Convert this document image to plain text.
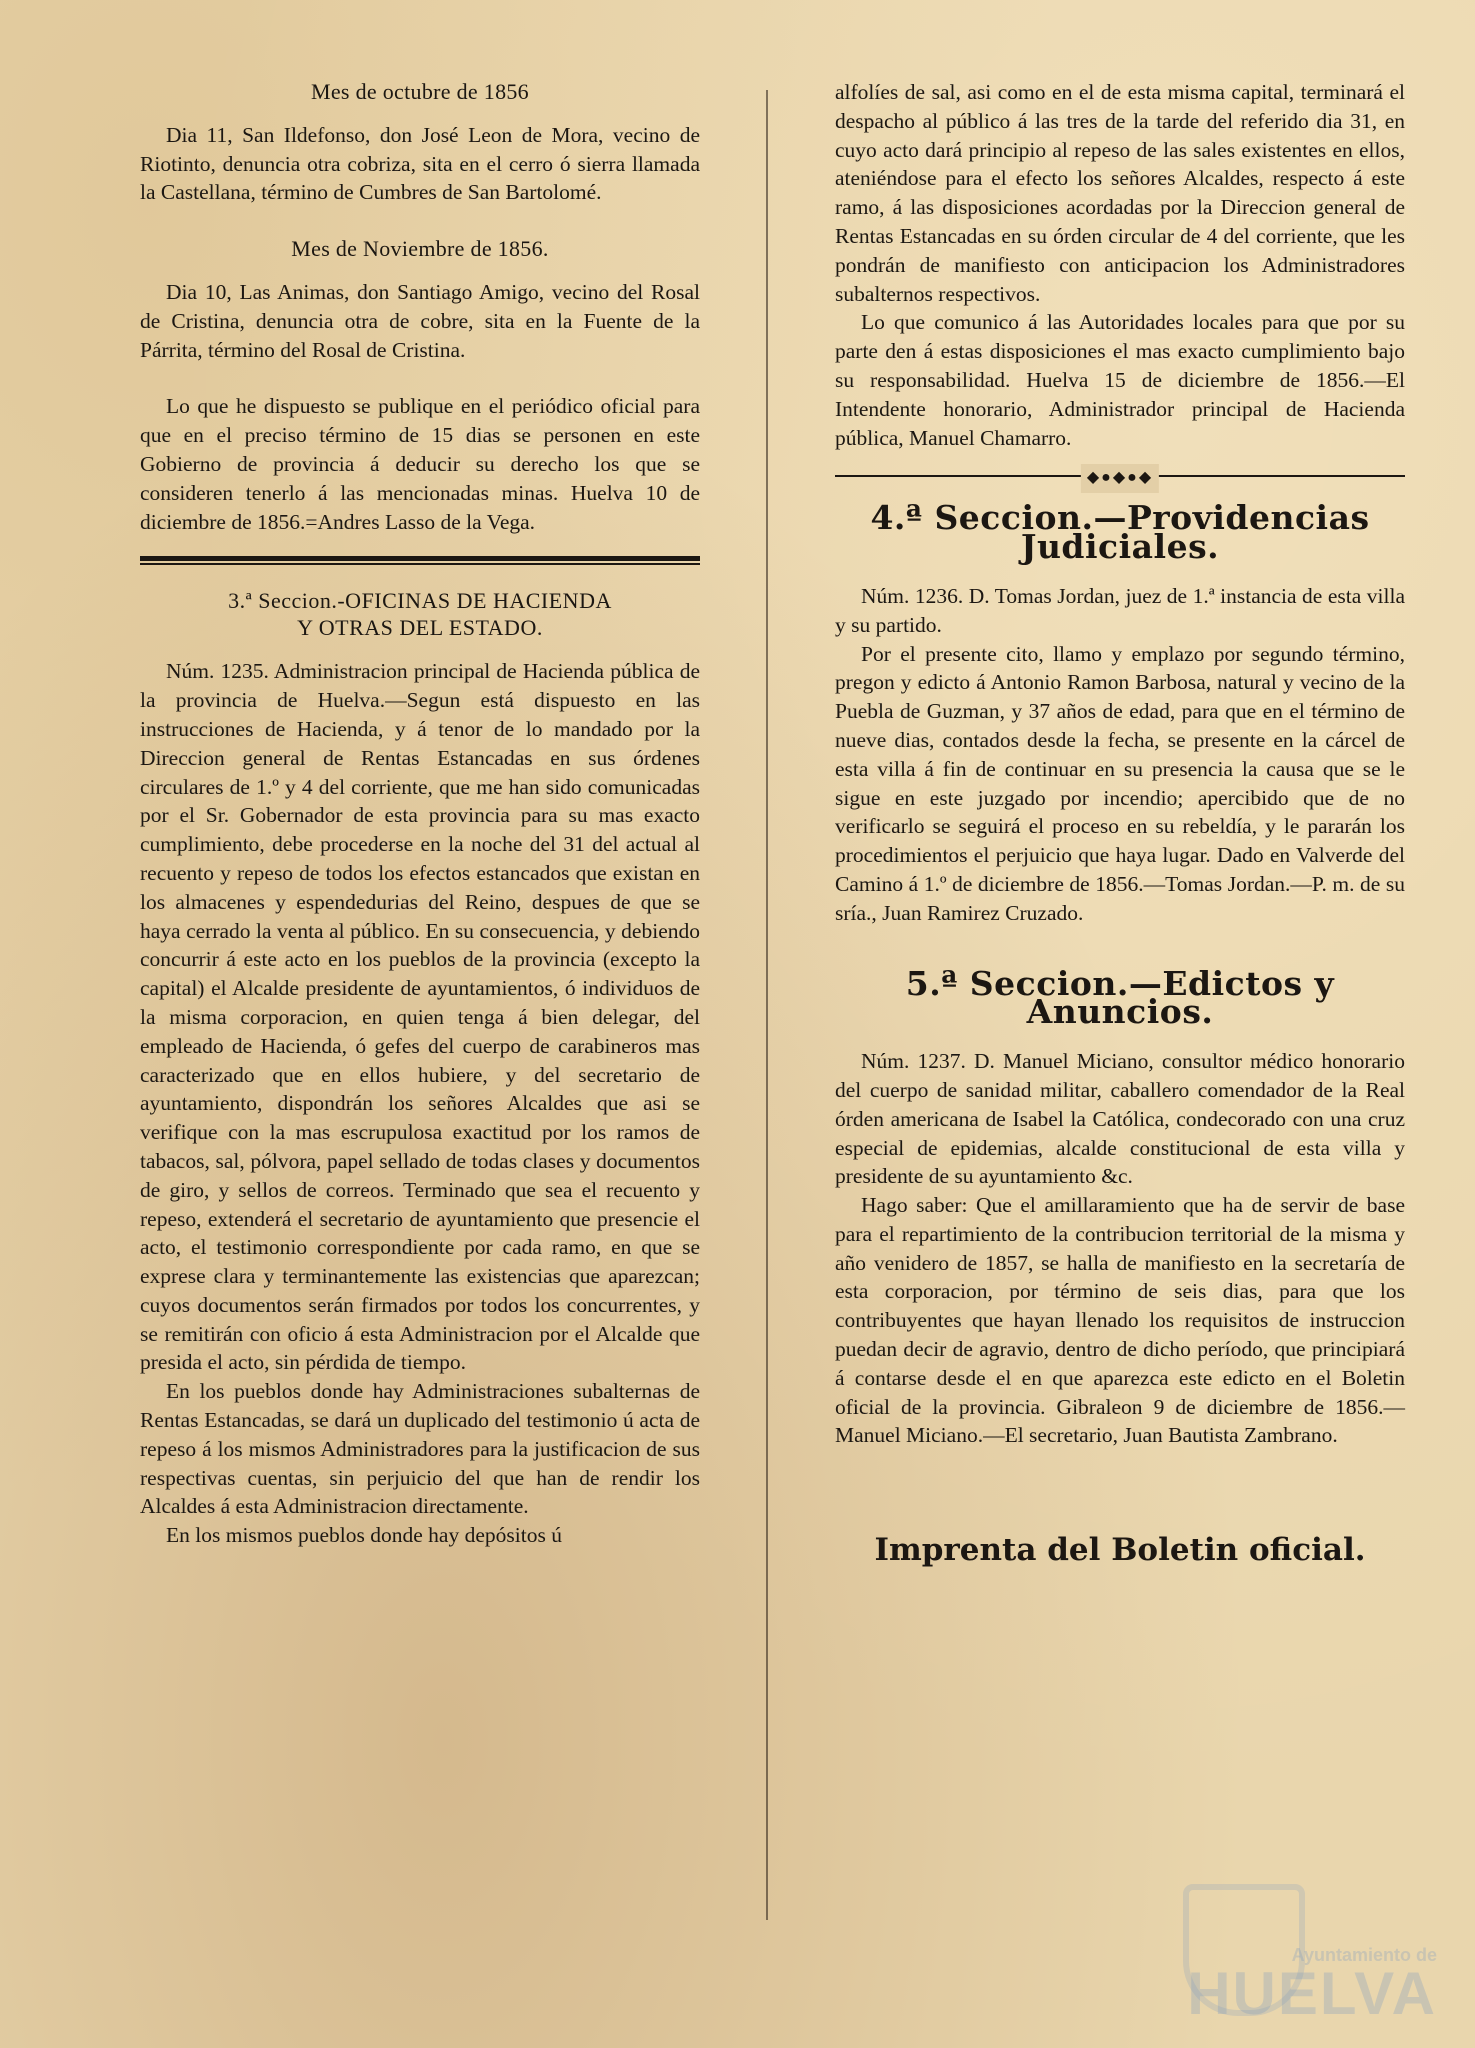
Mes de octubre de 1856

Dia 11, San Ildefonso, don José Leon de Mora, vecino de Riotinto, denuncia otra cobriza, sita en el cerro ó sierra llamada la Castellana, término de Cumbres de San Bartolomé.

Mes de Noviembre de 1856.

Dia 10, Las Animas, don Santiago Amigo, vecino del Rosal de Cristina, denuncia otra de cobre, sita en la Fuente de la Párrita, término del Rosal de Cristina.

Lo que he dispuesto se publique en el periódico oficial para que en el preciso término de 15 dias se personen en este Gobierno de provincia á deducir su derecho los que se consideren tenerlo á las mencionadas minas. Huelva 10 de diciembre de 1856.=Andres Lasso de la Vega.

3.ª Seccion.-OFICINAS DE HACIENDA
Y OTRAS DEL ESTADO.

Núm. 1235. Administracion principal de Hacienda pública de la provincia de Huelva.—Segun está dispuesto en las instrucciones de Hacienda, y á tenor de lo mandado por la Direccion general de Rentas Estancadas en sus órdenes circulares de 1.º y 4 del corriente, que me han sido comunicadas por el Sr. Gobernador de esta provincia para su mas exacto cumplimiento, debe procederse en la noche del 31 del actual al recuento y repeso de todos los efectos estancados que existan en los almacenes y espendedurias del Reino, despues de que se haya cerrado la venta al público. En su consecuencia, y debiendo concurrir á este acto en los pueblos de la provincia (excepto la capital) el Alcalde presidente de ayuntamientos, ó individuos de la misma corporacion, en quien tenga á bien delegar, del empleado de Hacienda, ó gefes del cuerpo de carabineros mas caracterizado que en ellos hubiere, y del secretario de ayuntamiento, dispondrán los señores Alcaldes que asi se verifique con la mas escrupulosa exactitud por los ramos de tabacos, sal, pólvora, papel sellado de todas clases y documentos de giro, y sellos de correos. Terminado que sea el recuento y repeso, extenderá el secretario de ayuntamiento que presencie el acto, el testimonio correspondiente por cada ramo, en que se exprese clara y terminantemente las existencias que aparezcan; cuyos documentos serán firmados por todos los concurrentes, y se remitirán con oficio á esta Administracion por el Alcalde que presida el acto, sin pérdida de tiempo.

En los pueblos donde hay Administraciones subalternas de Rentas Estancadas, se dará un duplicado del testimonio ú acta de repeso á los mismos Administradores para la justificacion de sus respectivas cuentas, sin perjuicio del que han de rendir los Alcaldes á esta Administracion directamente.

En los mismos pueblos donde hay depósitos ú

alfolíes de sal, asi como en el de esta misma capital, terminará el despacho al público á las tres de la tarde del referido dia 31, en cuyo acto dará principio al repeso de las sales existentes en ellos, ateniéndose para el efecto los señores Alcaldes, respecto á este ramo, á las disposiciones acordadas por la Direccion general de Rentas Estancadas en su órden circular de 4 del corriente, que les pondrán de manifiesto con anticipacion los Administradores subalternos respectivos.

Lo que comunico á las Autoridades locales para que por su parte den á estas disposiciones el mas exacto cumplimiento bajo su responsabilidad. Huelva 15 de diciembre de 1856.—El Intendente honorario, Administrador principal de Hacienda pública, Manuel Chamarro.

◆●◆●◆
4.ª Seccion.—Providencias Judiciales.

Núm. 1236. D. Tomas Jordan, juez de 1.ª instancia de esta villa y su partido.

Por el presente cito, llamo y emplazo por segundo término, pregon y edicto á Antonio Ramon Barbosa, natural y vecino de la Puebla de Guzman, y 37 años de edad, para que en el término de nueve dias, contados desde la fecha, se presente en la cárcel de esta villa á fin de continuar en su presencia la causa que se le sigue en este juzgado por incendio; apercibido que de no verificarlo se seguirá el proceso en su rebeldía, y le pararán los procedimientos el perjuicio que haya lugar. Dado en Valverde del Camino á 1.º de diciembre de 1856.—Tomas Jordan.—P. m. de su sría., Juan Ramirez Cruzado.

5.ª Seccion.—Edictos y Anuncios.

Núm. 1237. D. Manuel Miciano, consultor médico honorario del cuerpo de sanidad militar, caballero comendador de la Real órden americana de Isabel la Católica, condecorado con una cruz especial de epidemias, alcalde constitucional de esta villa y presidente de su ayuntamiento &c.

Hago saber: Que el amillaramiento que ha de servir de base para el repartimiento de la contribucion territorial de la misma y año venidero de 1857, se halla de manifiesto en la secretaría de esta corporacion, por término de seis dias, para que los contribuyentes que hayan llenado los requisitos de instruccion puedan decir de agravio, dentro de dicho período, que principiará á contarse desde el en que aparezca este edicto en el Boletin oficial de la provincia. Gibraleon 9 de diciembre de 1856.—Manuel Miciano.—El secretario, Juan Bautista Zambrano.

Imprenta del Boletin oficial.
Ayuntamiento de
HUELVA
